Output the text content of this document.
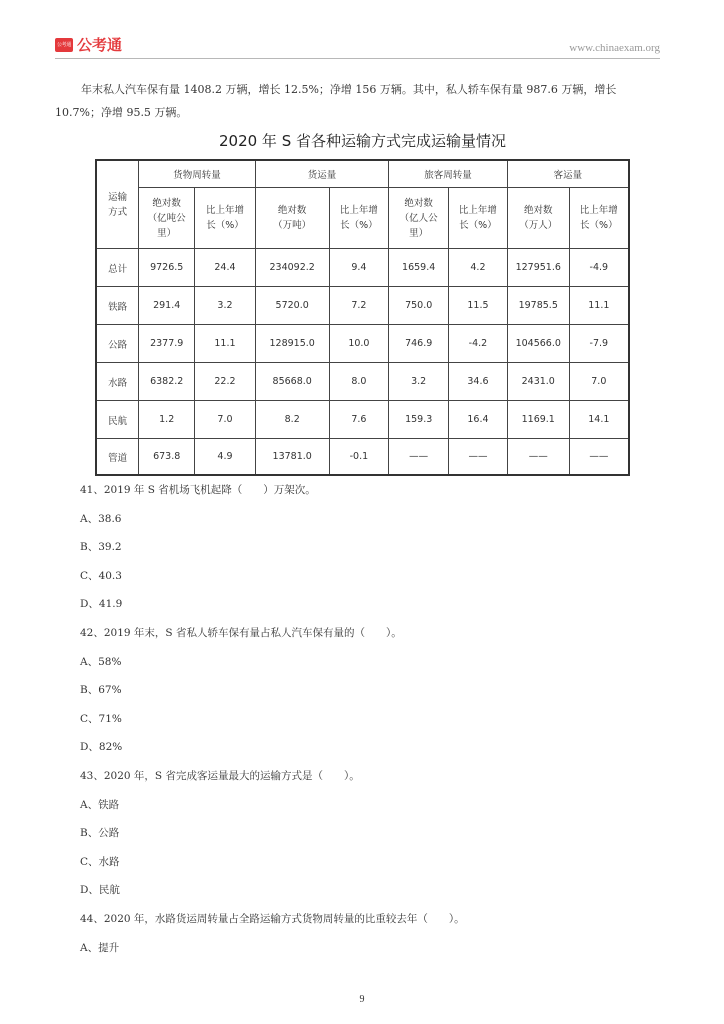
公考通 公考通	www.chinaexam.org

年末私人汽车保有量 1408.2 万辆，增长 12.5%；净增 156 万辆。其中，私人轿车保有量 987.6 万辆，增长

10.7%；净增 95.5 万辆。

2020 年 S 省各种运输方式完成运输量情况
运输方式	货物周转量		货运量		旅客周转量		客运量	
	绝对数（亿吨公里）	比上年增长（%）	绝对数（万吨）	比上年增长（%）	绝对数（亿人公里）	比上年增长（%）	绝对数（万人）	比上年增长（%）
总计	9726.5	24.4	234092.2	9.4	1659.4	4.2	127951.6	-4.9
铁路	291.4	3.2	5720.0	7.2	750.0	11.5	19785.5	11.1
公路	2377.9	11.1	128915.0	10.0	746.9	-4.2	104566.0	-7.9
水路	6382.2	22.2	85668.0	8.0	3.2	34.6	2431.0	7.0
民航	1.2	7.0	8.2	7.6	159.3	16.4	1169.1	14.1
管道	673.8	4.9	13781.0	-0.1	——	——	——	——
41、2019 年 S 省机场飞机起降（　　）万架次。
A、38.6
B、39.2
C、40.3
D、41.9
42、2019 年末，S 省私人轿车保有量占私人汽车保有量的（　　）。
A、58%
B、67%
C、71%
D、82%
43、2020 年，S 省完成客运量最大的运输方式是（　　）。
A、铁路
B、公路
C、水路
D、民航
44、2020 年，水路货运周转量占全路运输方式货物周转量的比重较去年（　　）。
A、提升
9
